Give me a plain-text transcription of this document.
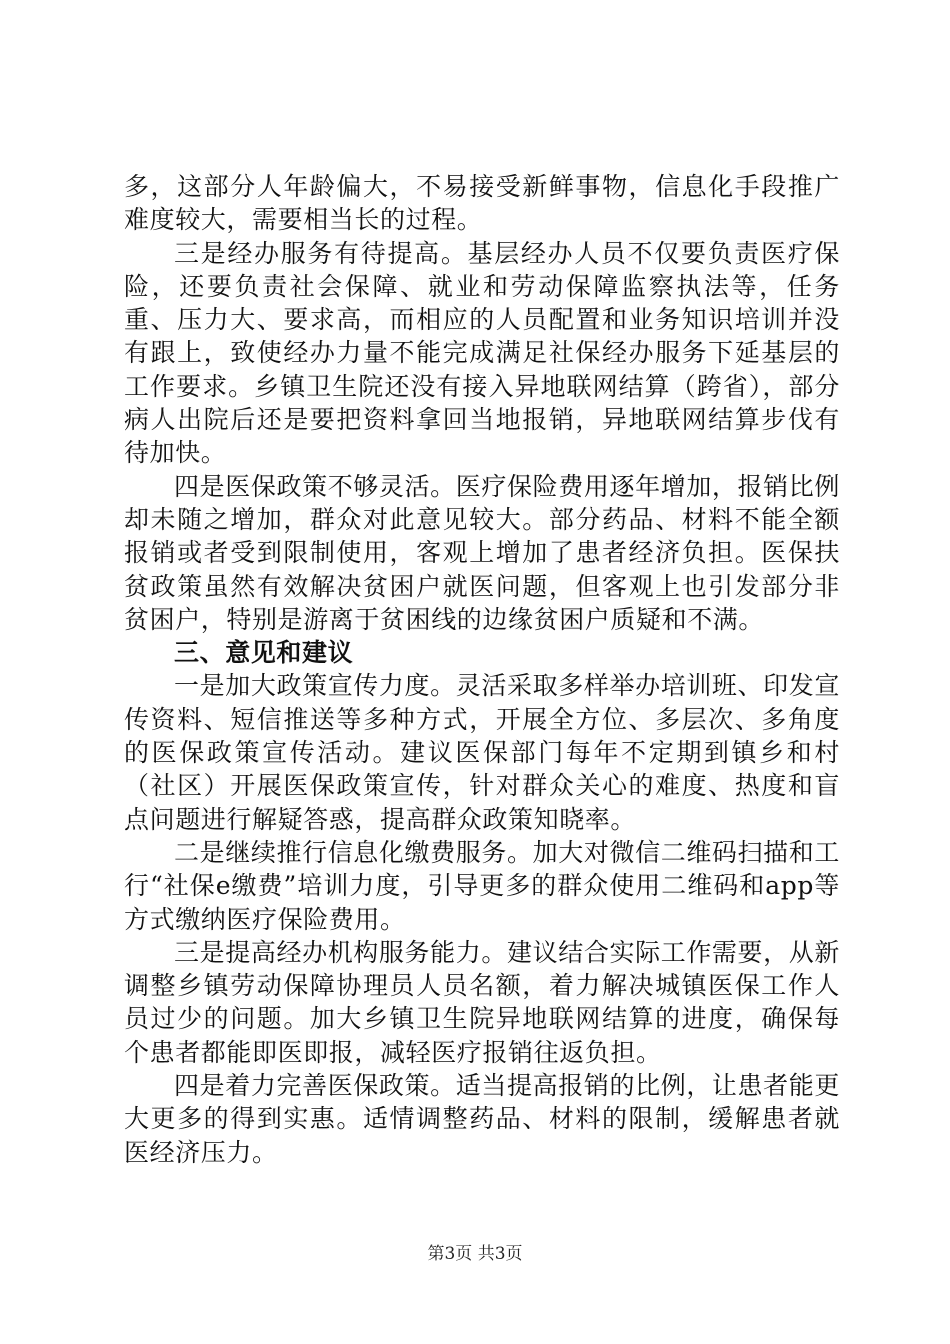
多，这部分人年龄偏大，不易接受新鲜事物，信息化手段推广难度较大，需要相当长的过程。

三是经办服务有待提高。基层经办人员不仅要负责医疗保险，还要负责社会保障、就业和劳动保障监察执法等，任务重、压力大、要求高，而相应的人员配置和业务知识培训并没有跟上，致使经办力量不能完成满足社保经办服务下延基层的工作要求。乡镇卫生院还没有接入异地联网结算（跨省），部分病人出院后还是要把资料拿回当地报销，异地联网结算步伐有待加快。

四是医保政策不够灵活。医疗保险费用逐年增加，报销比例却未随之增加，群众对此意见较大。部分药品、材料不能全额报销或者受到限制使用，客观上增加了患者经济负担。医保扶贫政策虽然有效解决贫困户就医问题，但客观上也引发部分非贫困户，特别是游离于贫困线的边缘贫困户质疑和不满。

三、意见和建议

一是加大政策宣传力度。灵活采取多样举办培训班、印发宣传资料、短信推送等多种方式，开展全方位、多层次、多角度的医保政策宣传活动。建议医保部门每年不定期到镇乡和村（社区）开展医保政策宣传，针对群众关心的难度、热度和盲点问题进行解疑答惑，提高群众政策知晓率。

二是继续推行信息化缴费服务。加大对微信二维码扫描和工行“社保e缴费”培训力度，引导更多的群众使用二维码和app等方式缴纳医疗保险费用。

三是提高经办机构服务能力。建议结合实际工作需要，从新调整乡镇劳动保障协理员人员名额，着力解决城镇医保工作人员过少的问题。加大乡镇卫生院异地联网结算的进度，确保每个患者都能即医即报，减轻医疗报销往返负担。

四是着力完善医保政策。适当提高报销的比例，让患者能更大更多的得到实惠。适情调整药品、材料的限制，缓解患者就医经济压力。

第3页 共3页
